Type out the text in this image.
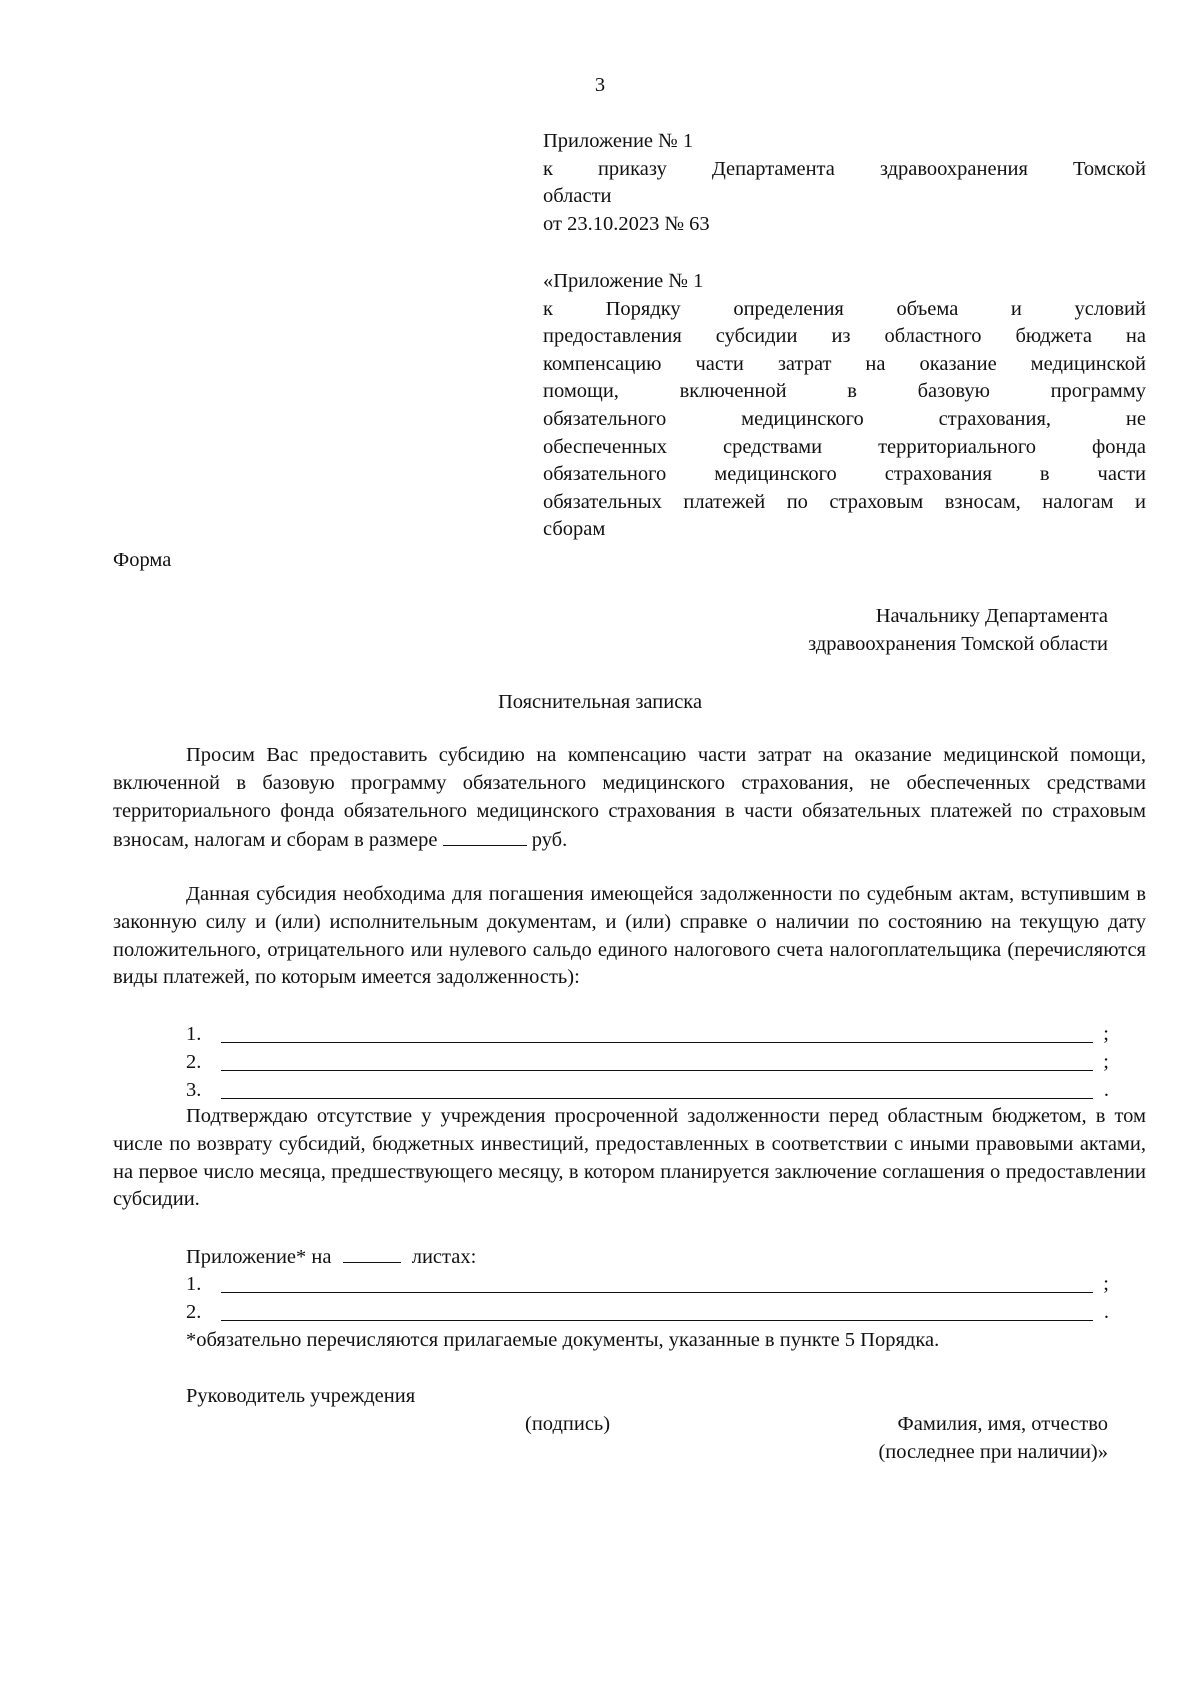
3
Приложение № 1
к приказу Департамента здравоохранения Томской
области
от 23.10.2023 № 63
«Приложение № 1
к Порядку определения объема и условий
предоставления субсидии из областного бюджета на
компенсацию части затрат на оказание медицинской
помощи, включенной в базовую программу
обязательного медицинского страхования, не
обеспеченных средствами территориального фонда
обязательного медицинского страхования в части
обязательных платежей по страховым взносам, налогам и
сборам
Форма
Начальнику Департамента
здравоохранения Томской области
Пояснительная записка

Просим Вас предоставить субсидию на компенсацию части затрат на оказание медицинской помощи, включенной в базовую программу обязательного медицинского страхования, не обеспеченных средствами территориального фонда обязательного медицинского страхования в части обязательных платежей по страховым взносам, налогам и сборам в размере	руб.

Данная субсидия необходима для погашения имеющейся задолженности по судебным актам, вступившим в законную силу и (или) исполнительным документам, и (или) справке о наличии по состоянию на текущую дату положительного, отрицательного или нулевого сальдо единого налогового счета налогоплательщика (перечисляются виды платежей, по которым имеется задолженность):

1.	;
2.	;
3.	.

Подтверждаю отсутствие у учреждения просроченной задолженности перед областным бюджетом, в том числе по возврату субсидий, бюджетных инвестиций, предоставленных в соответствии с иными правовыми актами, на первое число месяца, предшествующего месяцу, в котором планируется заключение соглашения о предоставлении субсидии.

Приложение* на	листах:
1.	;
2.	.
*обязательно перечисляются прилагаемые документы, указанные в пункте 5 Порядка.
Руководитель учреждения
(подпись)	Фамилия, имя, отчество
(последнее при наличии)»
